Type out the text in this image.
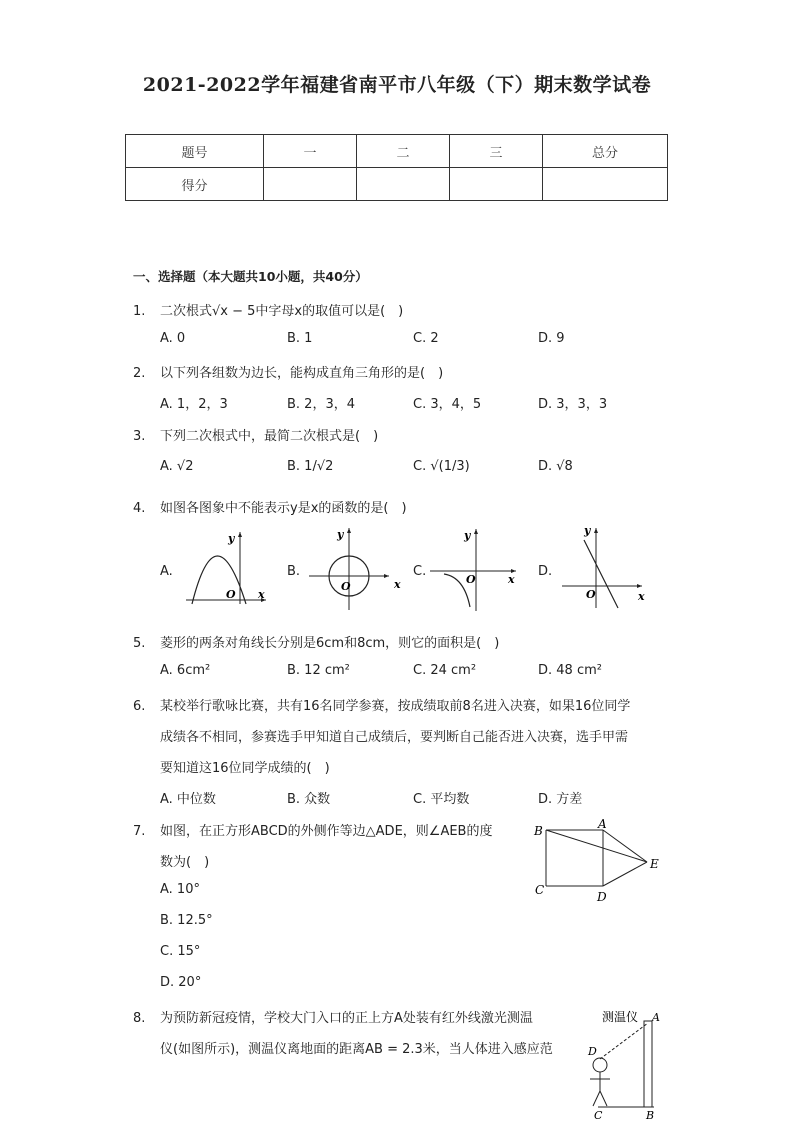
2021-2022学年福建省南平市八年级（下）期末数学试卷
题号	一	二	三	总分
得分				
一、选择题（本大题共10小题，共40分）
1. 二次根式√x − 5中字母x的取值可以是(　)
A. 0	B. 1	C. 2	D. 9
2. 以下列各组数为边长，能构成直角三角形的是(　)
A. 1，2，3	B. 2，3，4	C. 3，4，5	D. 3，3，3
3. 下列二次根式中，最简二次根式是(　)
A. √2	B. 1/√2	C. √(1/3)	D. √8
4. 如图各图象中不能表示y是x的函数的是(　)
A.	B.	C.	D.
y
x
O
y
x
O
y
x
O
y
x
O
5. 菱形的两条对角线长分别是6cm和8cm，则它的面积是(　)
A. 6cm²	B. 12 cm²	C. 24 cm²	D. 48 cm²
6. 某校举行歌咏比赛，共有16名同学参赛，按成绩取前8名进入决赛，如果16位同学
成绩各不相同，参赛选手甲知道自己成绩后，要判断自己能否进入决赛，选手甲需
要知道这16位同学成绩的(　)
A. 中位数	B. 众数	C. 平均数	D. 方差
7. 如图，在正方形ABCD的外侧作等边△ADE，则∠AEB的度
数为(　)
A. 10°
B. 12.5°
C. 15°
D. 20°
B	A
E
C	D
8. 为预防新冠疫情，学校大门入口的正上方A处装有红外线激光测温
仪(如图所示)，测温仪离地面的距离AB = 2.3米，当人体进入感应范
测温仪 A
D
C	B
